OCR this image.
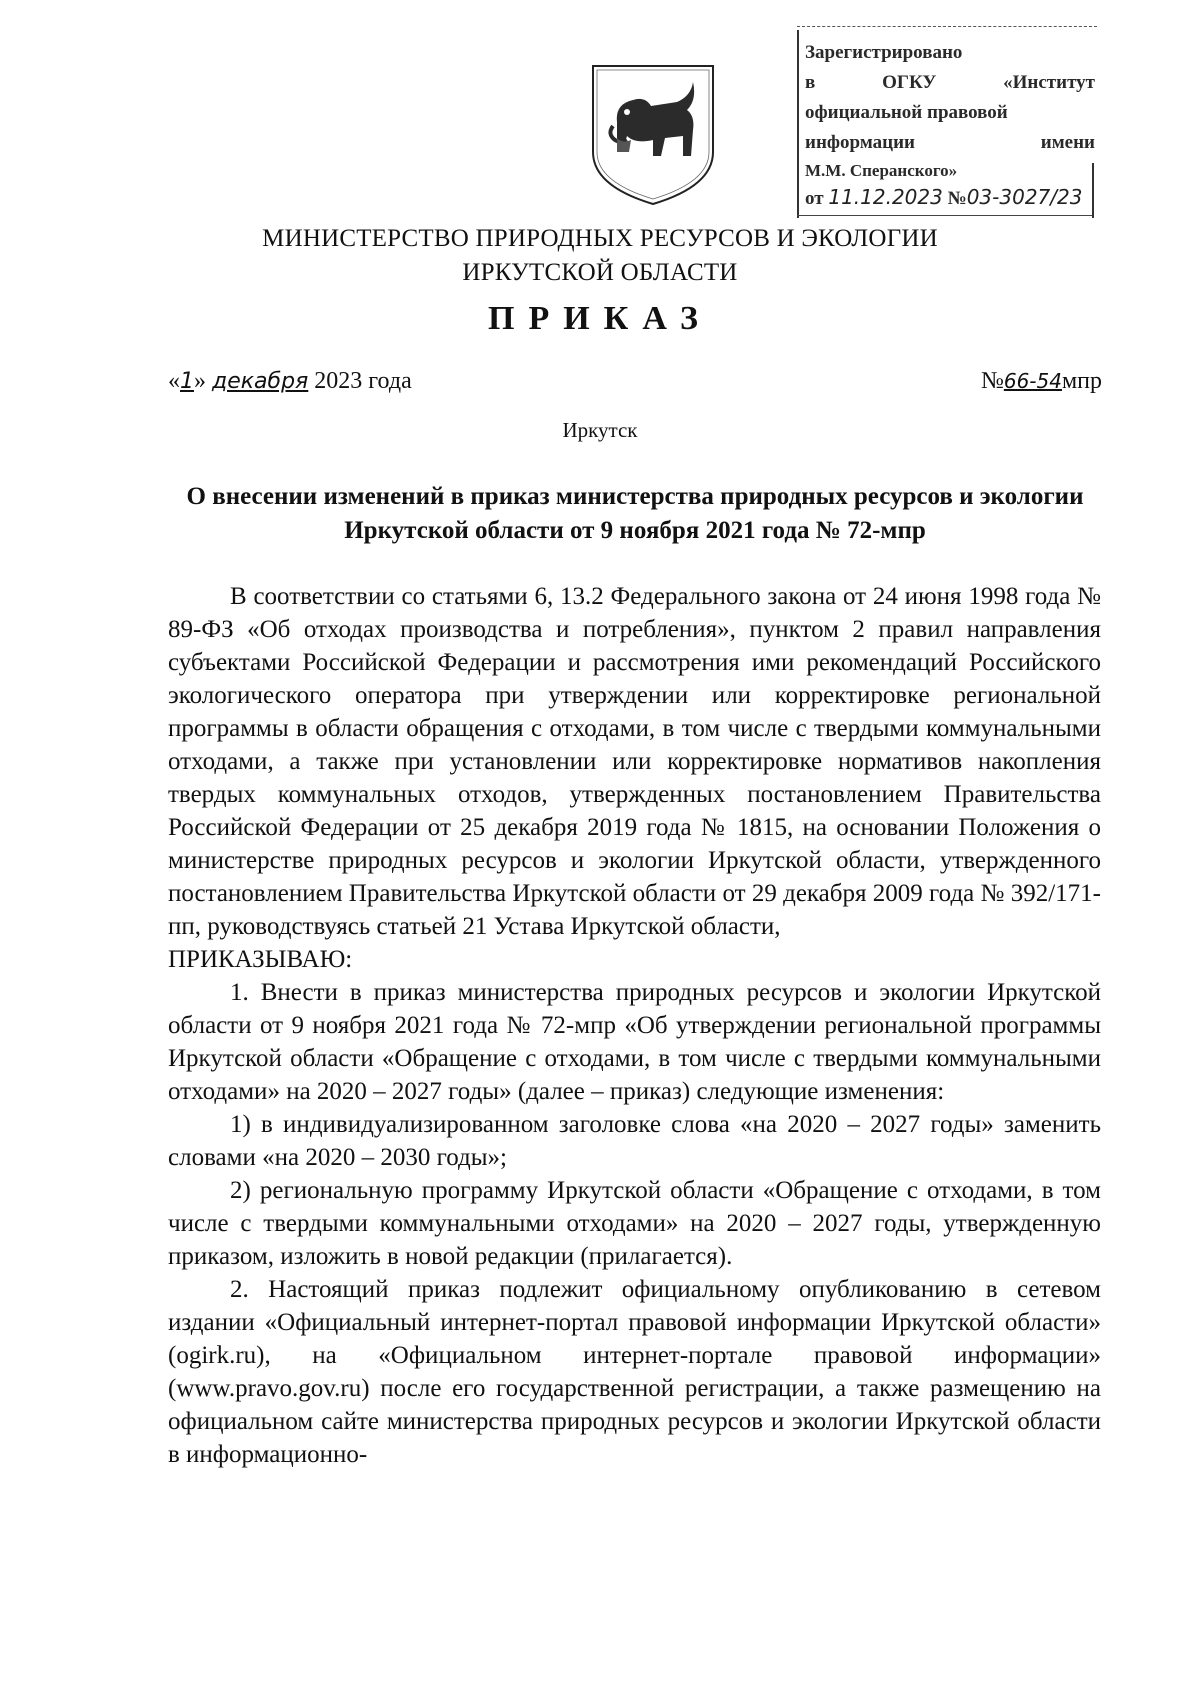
Зарегистрировано
в	ОГКУ	«Институт
официальной правовой
информации	имени
М.М. Сперанского»
от
11.12.2023
№ 03-3027/23
МИНИСТЕРСТВО ПРИРОДНЫХ РЕСУРСОВ И ЭКОЛОГИИ
ИРКУТСКОЙ ОБЛАСТИ
ПРИКАЗ
«1» декабря 2023 года	№66-54мпр
Иркутск
О внесении изменений в приказ министерства природных ресурсов и экологии Иркутской области от 9 ноября 2021 года № 72-мпр

В соответствии со статьями 6, 13.2 Федерального закона от 24 июня 1998 года № 89-ФЗ «Об отходах производства и потребления», пунктом 2 правил направления субъектами Российской Федерации и рассмотрения ими рекомендаций Российского экологического оператора при утверждении или корректировке региональной программы в области обращения с отходами, в том числе с твердыми коммунальными отходами, а также при установлении или корректировке нормативов накопления твердых коммунальных отходов, утвержденных постановлением Правительства Российской Федерации от 25 декабря 2019 года № 1815, на основании Положения о министерстве природных ресурсов и экологии Иркутской области, утвержденного постановлением Правительства Иркутской области от 29 декабря 2009 года № 392/171-пп, руководствуясь статьей 21 Устава Иркутской области,

ПРИКАЗЫВАЮ:

1. Внести в приказ министерства природных ресурсов и экологии Иркутской области от 9 ноября 2021 года № 72-мпр «Об утверждении региональной программы Иркутской области «Обращение с отходами, в том числе с твердыми коммунальными отходами» на 2020 – 2027 годы» (далее – приказ) следующие изменения:

1) в индивидуализированном заголовке слова «на 2020 – 2027 годы» заменить словами «на 2020 – 2030 годы»;

2) региональную программу Иркутской области «Обращение с отходами, в том числе с твердыми коммунальными отходами» на 2020 – 2027 годы, утвержденную приказом, изложить в новой редакции (прилагается).

2. Настоящий приказ подлежит официальному опубликованию в сетевом издании «Официальный интернет-портал правовой информации Иркутской области» (ogirk.ru), на «Официальном интернет-портале правовой информации» (www.pravo.gov.ru) после его государственной регистрации, а также размещению на официальном сайте министерства природных ресурсов и экологии Иркутской области в информационно-
